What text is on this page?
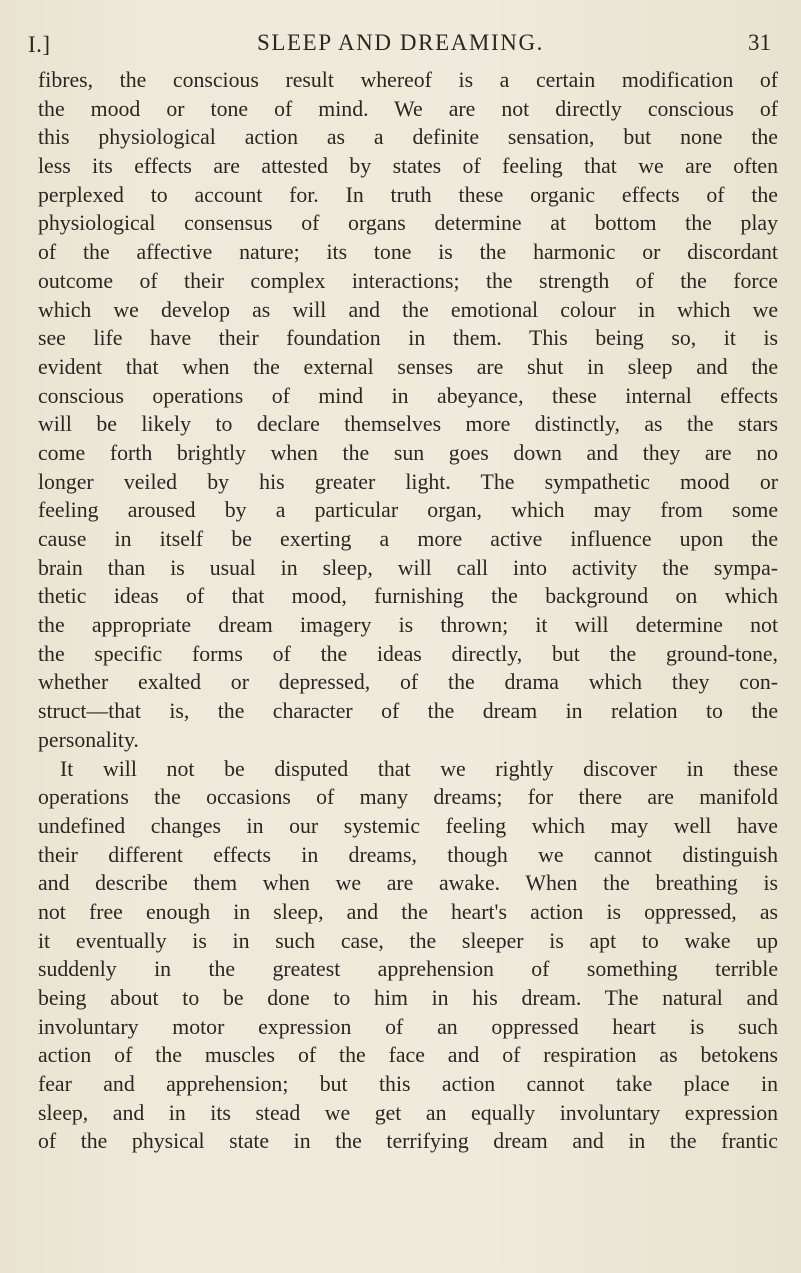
I.]	SLEEP AND DREAMING.	31
fibres, the conscious result whereof is a certain modification of
the mood or tone of mind. We are not directly conscious of
this physiological action as a definite sensation, but none the
less its effects are attested by states of feeling that we are often
perplexed to account for. In truth these organic effects of the
physiological consensus of organs determine at bottom the play
of the affective nature; its tone is the harmonic or discordant
outcome of their complex interactions; the strength of the force
which we develop as will and the emotional colour in which we
see life have their foundation in them. This being so, it is
evident that when the external senses are shut in sleep and the
conscious operations of mind in abeyance, these internal effects
will be likely to declare themselves more distinctly, as the stars
come forth brightly when the sun goes down and they are no
longer veiled by his greater light. The sympathetic mood or
feeling aroused by a particular organ, which may from some
cause in itself be exerting a more active influence upon the
brain than is usual in sleep, will call into activity the sympa-
thetic ideas of that mood, furnishing the background on which
the appropriate dream imagery is thrown; it will determine not
the specific forms of the ideas directly, but the ground-tone,
whether exalted or depressed, of the drama which they con-
struct—that is, the character of the dream in relation to the
personality.
It will not be disputed that we rightly discover in these
operations the occasions of many dreams; for there are manifold
undefined changes in our systemic feeling which may well have
their different effects in dreams, though we cannot distinguish
and describe them when we are awake. When the breathing is
not free enough in sleep, and the heart's action is oppressed, as
it eventually is in such case, the sleeper is apt to wake up
suddenly in the greatest apprehension of something terrible
being about to be done to him in his dream. The natural and
involuntary motor expression of an oppressed heart is such
action of the muscles of the face and of respiration as betokens
fear and apprehension; but this action cannot take place in
sleep, and in its stead we get an equally involuntary expression
of the physical state in the terrifying dream and in the frantic
